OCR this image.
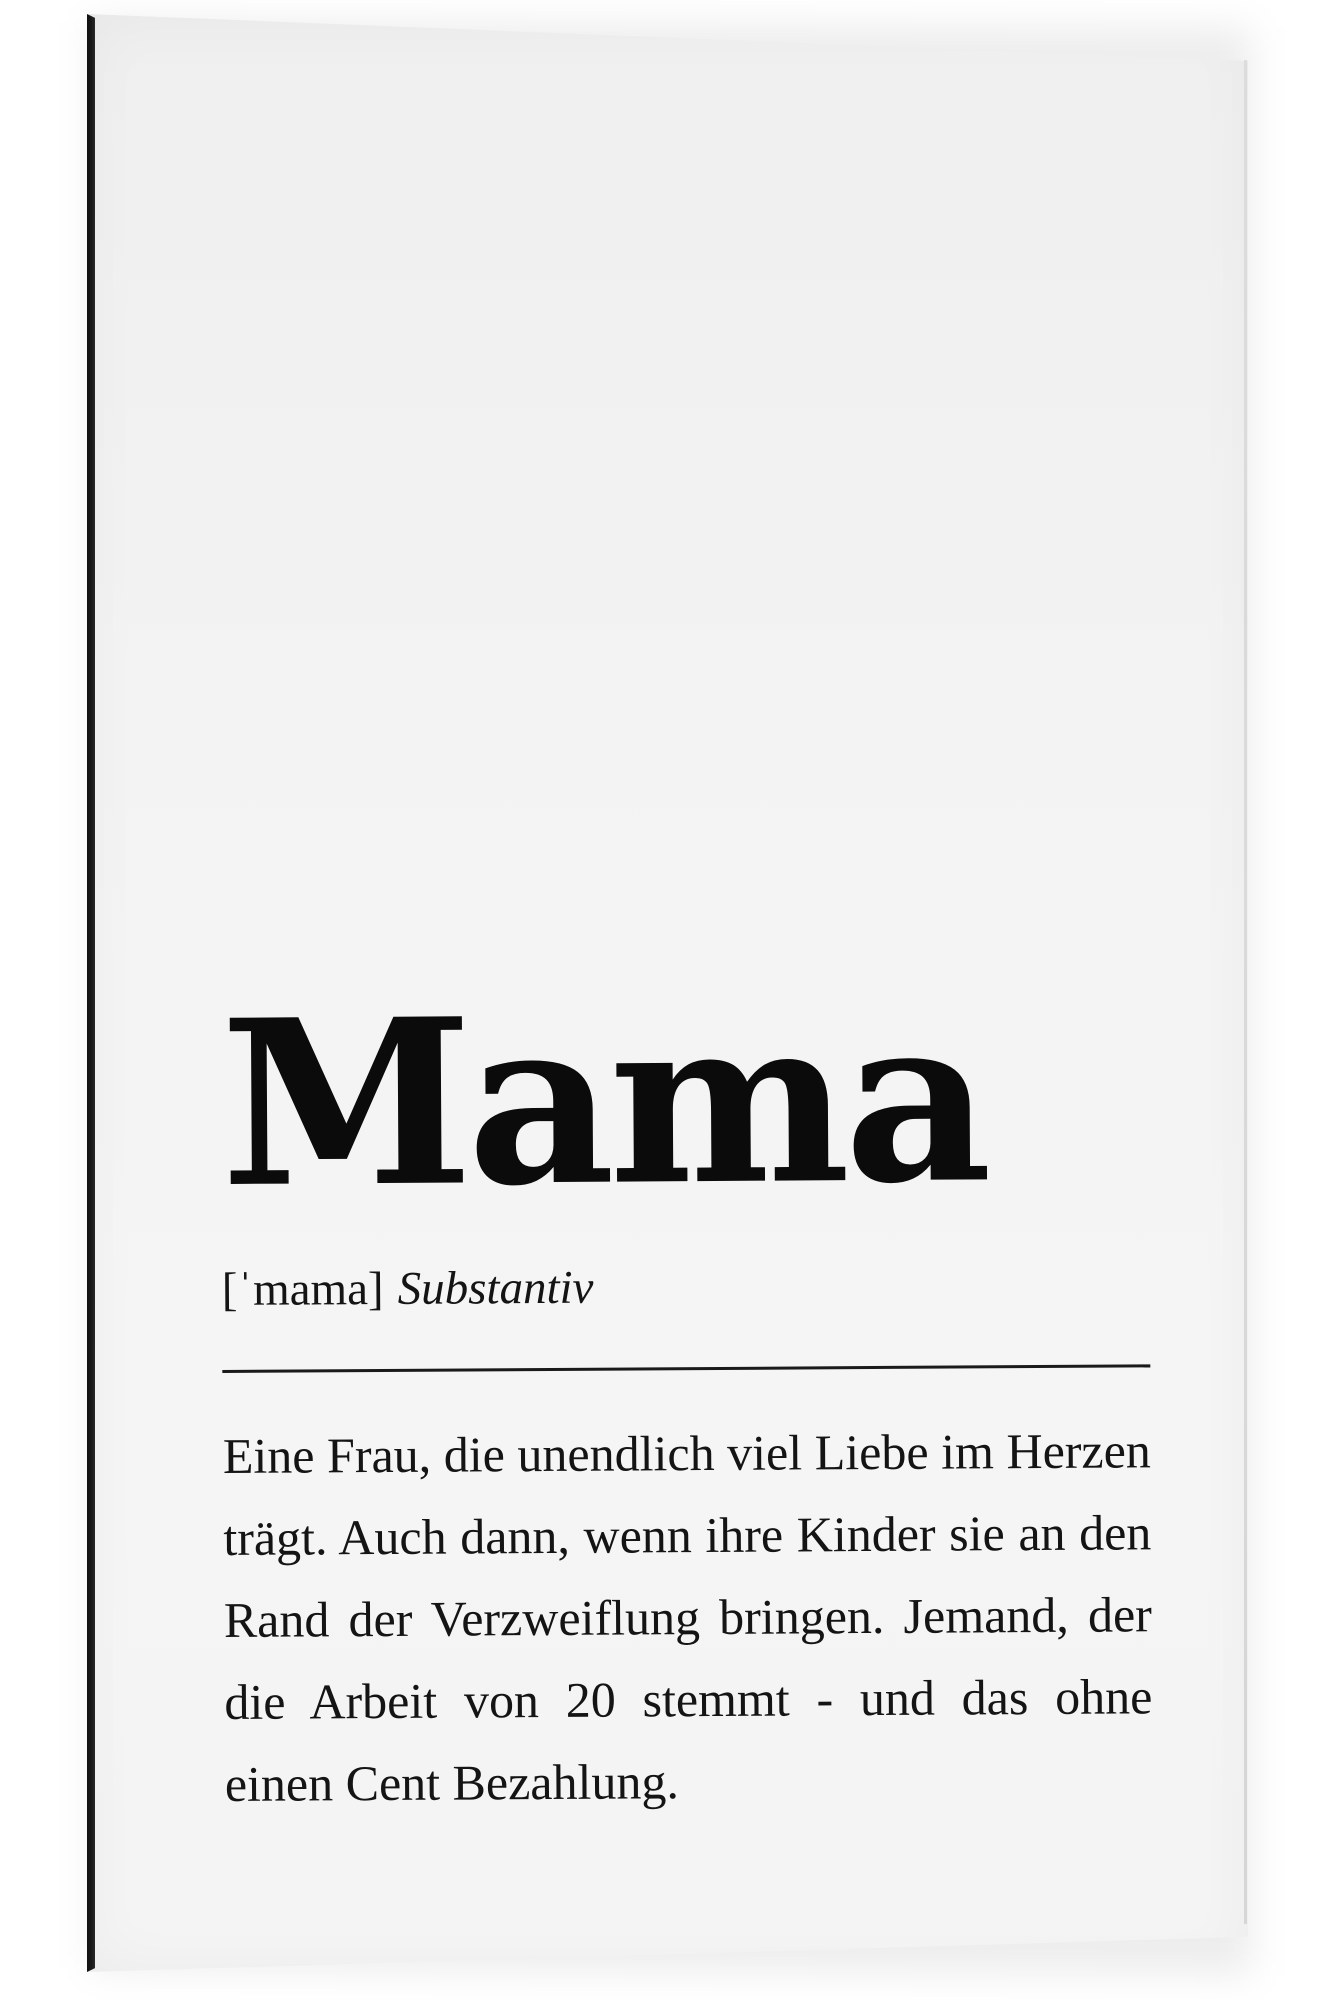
Mama
[ˈmama] Substantiv
Eine Frau, die unendlich viel Liebe im Herzen trägt. Auch dann, wenn ihre Kinder sie an den Rand der Verzweiflung bringen. Jemand, der die Arbeit von 20 stemmt - und das ohne einen Cent Bezahlung.
